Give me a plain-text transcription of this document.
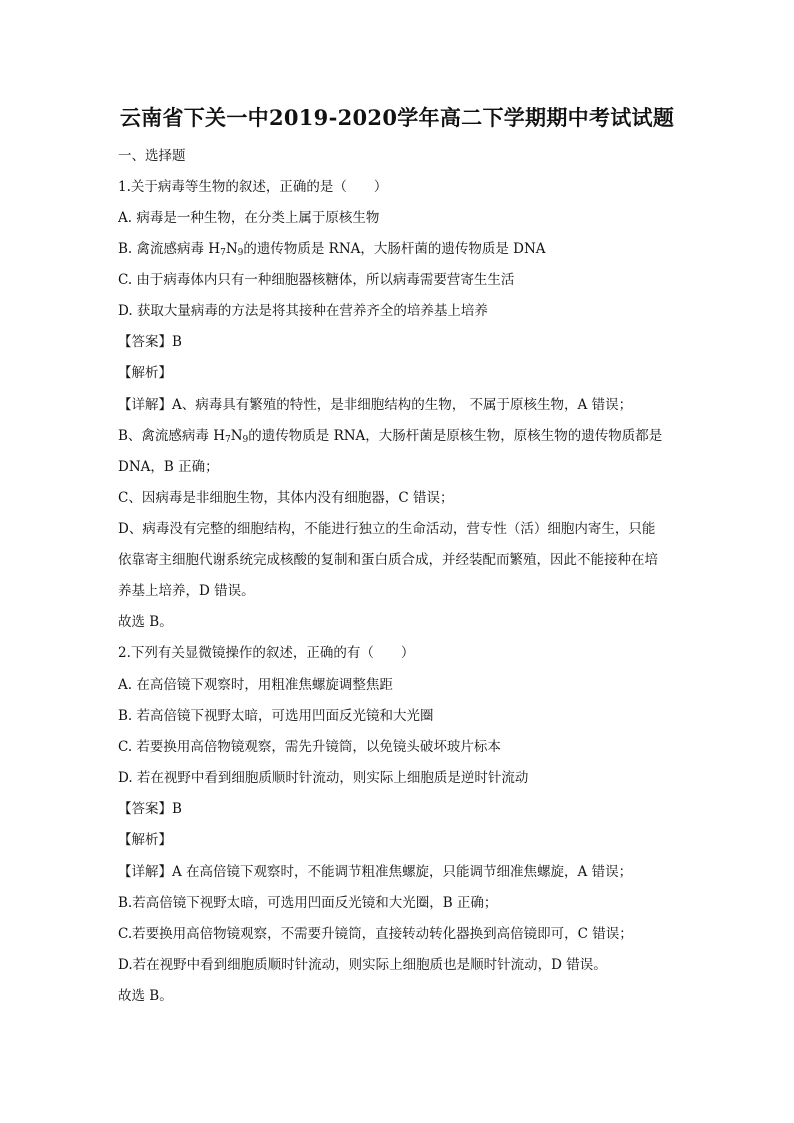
云南省下关一中2019-2020学年高二下学期期中考试试题
一、选择题
1.关于病毒等生物的叙述，正确的是（　　）
A. 病毒是一种生物，在分类上属于原核生物
B. 禽流感病毒 $H_7N_9$的遗传物质是 RNA，大肠杆菌的遗传物质是 DNA
C. 由于病毒体内只有一种细胞器核糖体，所以病毒需要营寄生生活
D. 获取大量病毒的方法是将其接种在营养齐全的培养基上培养
【答案】B
【解析】
【详解】A、病毒具有繁殖的特性，是非细胞结构的生物， 不属于原核生物，A 错误；
B、禽流感病毒 $H_7N_9$的遗传物质是 RNA，大肠杆菌是原核生物，原核生物的遗传物质都是
DNA，B 正确；
C、因病毒是非细胞生物，其体内没有细胞器，C 错误；
D、病毒没有完整的细胞结构，不能进行独立的生命活动，营专性（活）细胞内寄生，只能
依靠寄主细胞代谢系统完成核酸的复制和蛋白质合成，并经装配而繁殖，因此不能接种在培
养基上培养，D 错误。
故选 B。
2.下列有关显微镜操作的叙述，正确的有（　　）
A. 在高倍镜下观察时，用粗准焦螺旋调整焦距
B. 若高倍镜下视野太暗，可选用凹面反光镜和大光圈
C. 若要换用高倍物镜观察，需先升镜筒，以免镜头破坏玻片标本
D. 若在视野中看到细胞质顺时针流动，则实际上细胞质是逆时针流动
【答案】B
【解析】
【详解】A 在高倍镜下观察时，不能调节粗准焦螺旋，只能调节细准焦螺旋，A 错误；
B.若高倍镜下视野太暗，可选用凹面反光镜和大光圈，B 正确；
C.若要换用高倍物镜观察，不需要升镜筒，直接转动转化器换到高倍镜即可，C 错误；
D.若在视野中看到细胞质顺时针流动，则实际上细胞质也是顺时针流动，D 错误。
故选 B。
